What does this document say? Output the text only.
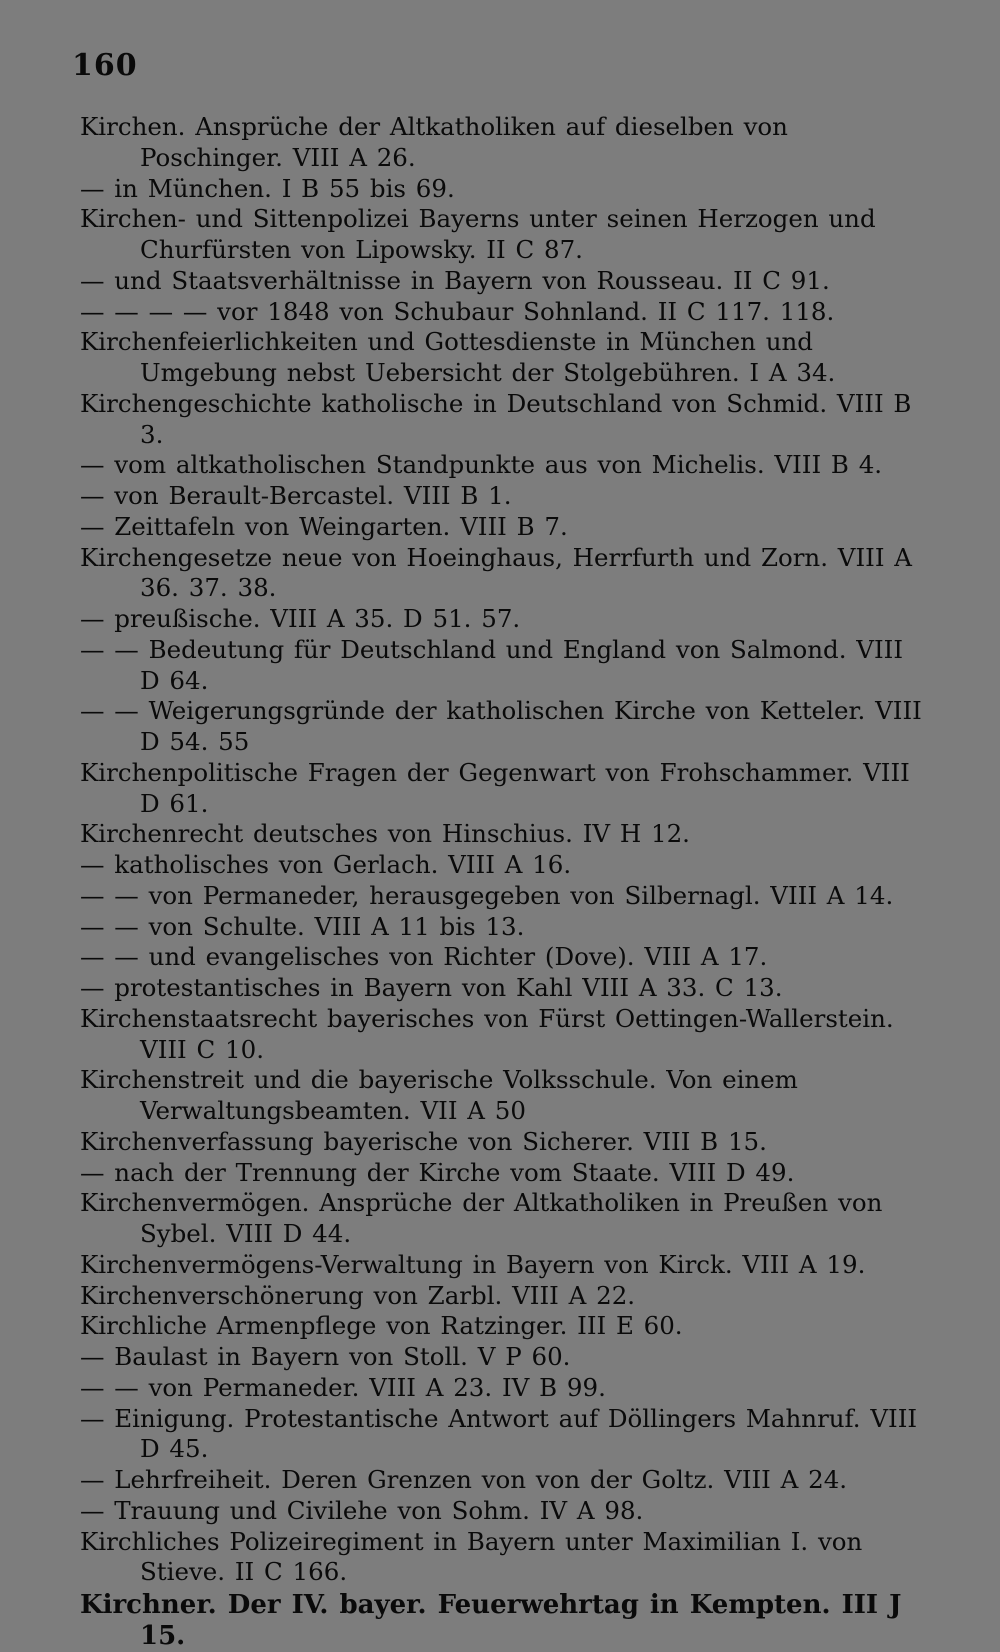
160
Kirchen. Ansprüche der Altkatholiken auf dieselben von Poschinger. VIII A 26.
— in München. I B 55 bis 69.
Kirchen- und Sittenpolizei Bayerns unter seinen Herzogen und Churfürsten von Lipowsky. II C 87.
— und Staatsverhältnisse in Bayern von Rousseau. II C 91.
— — — — vor 1848 von Schubaur Sohnland. II C 117. 118.
Kirchenfeierlichkeiten und Gottesdienste in München und Umgebung nebst Uebersicht der Stolgebühren. I A 34.
Kirchengeschichte katholische in Deutschland von Schmid. VIII B 3.
— vom altkatholischen Standpunkte aus von Michelis. VIII B 4.
— von Berault-Bercastel. VIII B 1.
— Zeittafeln von Weingarten. VIII B 7.
Kirchengesetze neue von Hoeinghaus, Herrfurth und Zorn. VIII A 36. 37. 38.
— preußische. VIII A 35. D 51. 57.
— — Bedeutung für Deutschland und England von Salmond. VIII D 64.
— — Weigerungsgründe der katholischen Kirche von Ketteler. VIII D 54. 55
Kirchenpolitische Fragen der Gegenwart von Frohschammer. VIII D 61.
Kirchenrecht deutsches von Hinschius. IV H 12.
— katholisches von Gerlach. VIII A 16.
— — von Permaneder, herausgegeben von Silbernagl. VIII A 14.
— — von Schulte. VIII A 11 bis 13.
— — und evangelisches von Richter (Dove). VIII A 17.
— protestantisches in Bayern von Kahl VIII A 33. C 13.
Kirchenstaatsrecht bayerisches von Fürst Oettingen-Wallerstein. VIII C 10.
Kirchenstreit und die bayerische Volksschule. Von einem Verwaltungsbeamten. VII A 50
Kirchenverfassung bayerische von Sicherer. VIII B 15.
— nach der Trennung der Kirche vom Staate. VIII D 49.
Kirchenvermögen. Ansprüche der Altkatholiken in Preußen von Sybel. VIII D 44.
Kirchenvermögens-Verwaltung in Bayern von Kirck. VIII A 19.
Kirchenverschönerung von Zarbl. VIII A 22.
Kirchliche Armenpflege von Ratzinger. III E 60.
— Baulast in Bayern von Stoll. V P 60.
— — von Permaneder. VIII A 23. IV B 99.
— Einigung. Protestantische Antwort auf Döllingers Mahnruf. VIII D 45.
— Lehrfreiheit. Deren Grenzen von von der Goltz. VIII A 24.
— Trauung und Civilehe von Sohm. IV A 98.
Kirchliches Polizeiregiment in Bayern unter Maximilian I. von Stieve. II C 166.
Kirchner. Der IV. bayer. Feuerwehrtag in Kempten. III J 15.
